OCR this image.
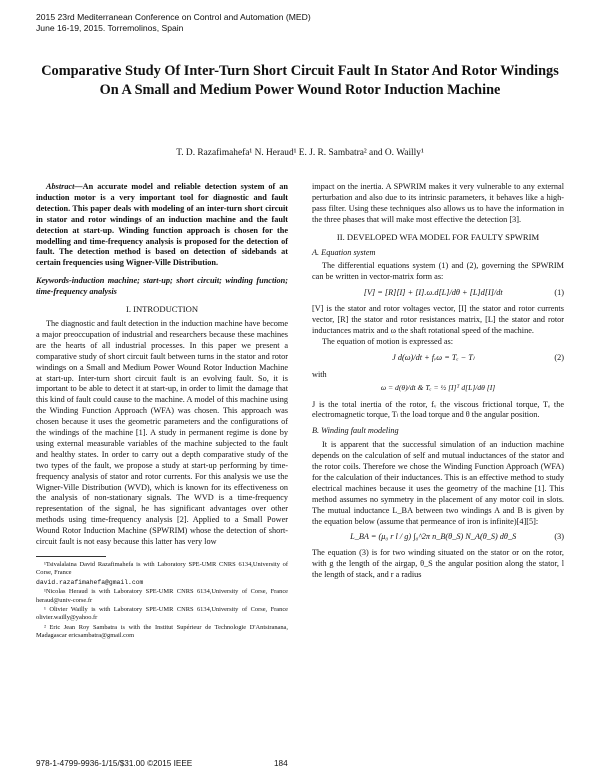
2015 23rd Mediterranean Conference on Control and Automation (MED)
June 16-19, 2015. Torremolinos, Spain
Comparative Study Of Inter-Turn Short Circuit Fault In Stator And Rotor Windings On A Small and Medium Power Wound Rotor Induction Machine
T. D. Razafimahefa¹ N. Heraud¹ E. J. R. Sambatra² and O. Wailly¹

Abstract—An accurate model and reliable detection system of an induction motor is a very important tool for diagnostic and fault detection. This paper deals with modeling of an inter-turn short circuit in stator and rotor windings of an induction machine and the fault detection at start-up. Winding function approach is chosen for the modelling and time-frequency analysis is proposed for the detection of fault. The detection method is based on detection of sidebands at certain frequencies using Wigner-Ville Distribution.

Keywords-induction machine; start-up; short circuit; winding function; time-frequency analysis

I. INTRODUCTION

The diagnostic and fault detection in the induction machine have become a major preoccupation of industrial and researchers because these machines are the hearts of all industrial processes. In this paper we present a comparative study of short circuit fault between turns in the stator and rotor windings on a Small and Medium Power Wound Rotor Induction Machine at start-up. Inter-turn short circuit fault is an evolving fault. So, it is important to be able to detect it at start-up, in order to limit the damage that this kind of fault could cause to the machine. A model of this machine using the Winding Function Approach (WFA) was chosen. This approach was chosen because it uses the geometric parameters and the configurations of the windings of the machine [1]. A study in permanent regime is done by using external measurable variables of the machine subjected to the fault and healthy states. In order to carry out a depth comparative study of the two types of the fault, we propose a study at start-up performing by time-frequency analysis of stator and rotor currents. For this analysis we use the Wigner-Ville Distribution (WVD), which is known for its effectiveness on the analysis of non-stationary signals. The WVD is a time-frequency representation of the signal, he has significant advantages over other methods using time-frequency analysis [2]. Applied to a Small Power Wound Rotor Induction Machine (SPWRIM) whose the detection of short-circuit fault is not easy because this latter has very low

¹Tsivalalaina David Razafimahefa is with Laboratory SPE-UMR CNRS 6134,University of Corse, France

david.razafimahefa@gmail.com

¹Nicolas Heraud is with Laboratory SPE-UMR CNRS 6134,University of Corse, France heraud@univ-corse.fr

¹ Olivier Wailly is with Laboratory SPE-UMR CNRS 6134,University of Corse, France olivier.wailly@yahoo.fr

² Eric Jean Roy Sambatra is with the Institut Supérieur de Technologie D'Antsiranana, Madagascar ericsambatra@gmail.com

impact on the inertia. A SPWRIM makes it very vulnerable to any external perturbation and also due to its intrinsic parameters, it behaves like a high-pass filter. Using these techniques also allows us to have the information in the three phases that will make most effective the detection [3].

II. DEVELOPED WFA MODEL FOR FAULTY SPWRIM

A. Equation system

The differential equations system (1) and (2), governing the SPWRIM can be written in vector-matrix form as:

[V] = [R][I] + [I].ω.d[L]/dθ + [L]d[I]/dt	(1)

[V] is the stator and rotor voltages vector, [I] the stator and rotor currents vector, [R] the stator and rotor resistances matrix, [L] the stator and rotor inductances matrix and ω the shaft rotational speed of the machine.

The equation of motion is expressed as:

J d(ω)/dt + fᵥω = Tₑ − Tₗ	(2)

with

ω = d(θ)/dt & Tₑ = ½ [I]ᵀ d[L]/dθ [I]

J is the total inertia of the rotor, fᵥ the viscous frictional torque, Tₑ the electromagnetic torque, Tₗ the load torque and θ the angular position.

B. Winding fault modeling

It is apparent that the successful simulation of an induction machine depends on the calculation of self and mutual inductances of the stator and the rotor coils. Therefore we chose the Winding Function Approach (WFA) for the calculation of their inductances. This is an effective method to study electrical machines because it uses the geometry of the machine [1]. This method assumes no symmetry in the placement of any motor coil in slots. The mutual inductance L_BA between two windings A and B is given by the equation below (assume that permeance of iron is infinite)[4][5]:

L_BA = (μ₀ r l / g) ∫₀^2π n_B(θ_S) N_A(θ_S) dθ_S	(3)

The equation (3) is for two winding situated on the stator or on the rotor, with g the length of the airgap, θ_S the angular position along the stator, l the length of stack, and r a radius

978-1-4799-9936-1/15/$31.00 ©2015 IEEE	184
